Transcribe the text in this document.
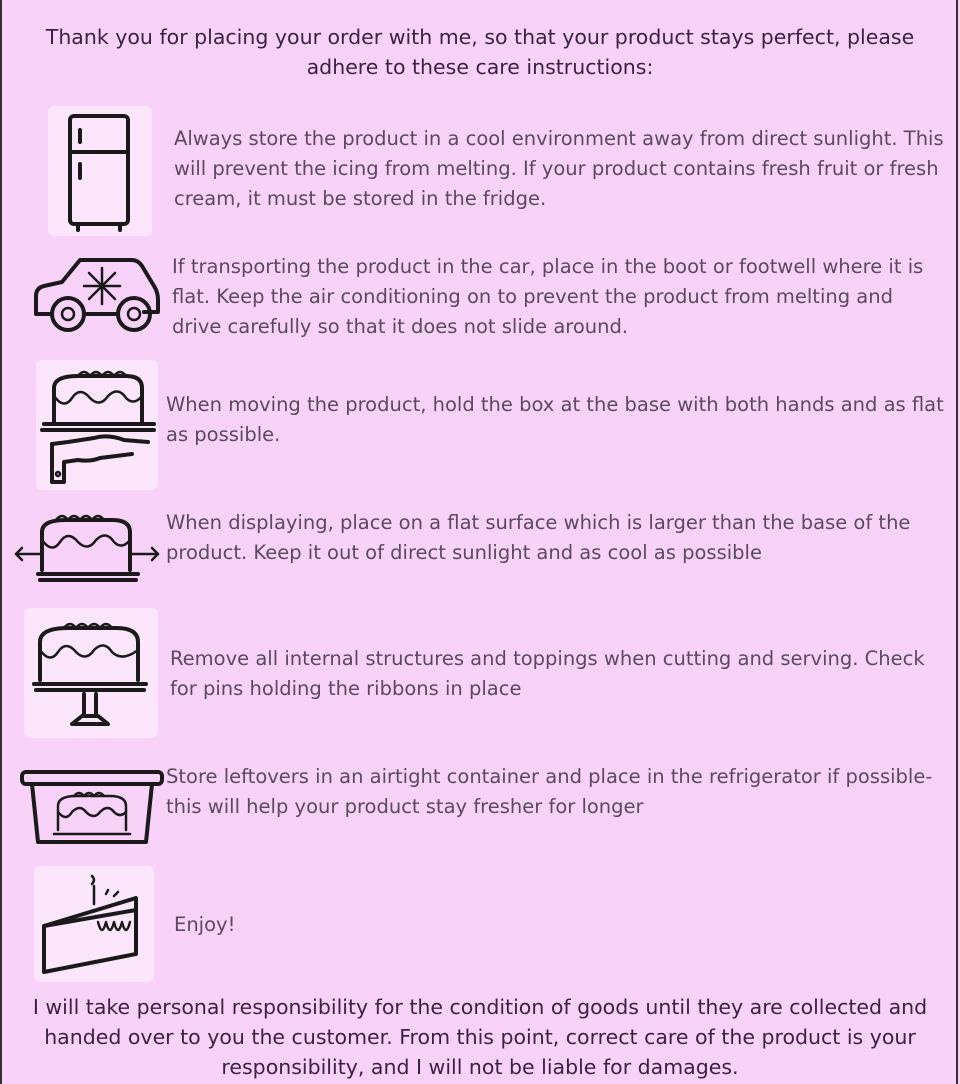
Thank you for placing your order with me, so that your product stays perfect, please adhere to these care instructions:
Always store the product in a cool environment away from direct sunlight. This will prevent the icing from melting. If your product contains fresh fruit or fresh cream, it must be stored in the fridge.
If transporting the product in the car, place in the boot or footwell where it is flat. Keep the air conditioning on to prevent the product from melting and drive carefully so that it does not slide around.
When moving the product, hold the box at the base with both hands and as flat as possible.
When displaying, place on a flat surface which is larger than the base of the product. Keep it out of direct sunlight and as cool as possible
Remove all internal structures and toppings when cutting and serving. Check for pins holding the ribbons in place
Store leftovers in an airtight container and place in the refrigerator if possible- this will help your product stay fresher for longer
Enjoy!
I will take personal responsibility for the condition of goods until they are collected and handed over to you the customer. From this point, correct care of the product is your responsibility, and I will not be liable for damages.
